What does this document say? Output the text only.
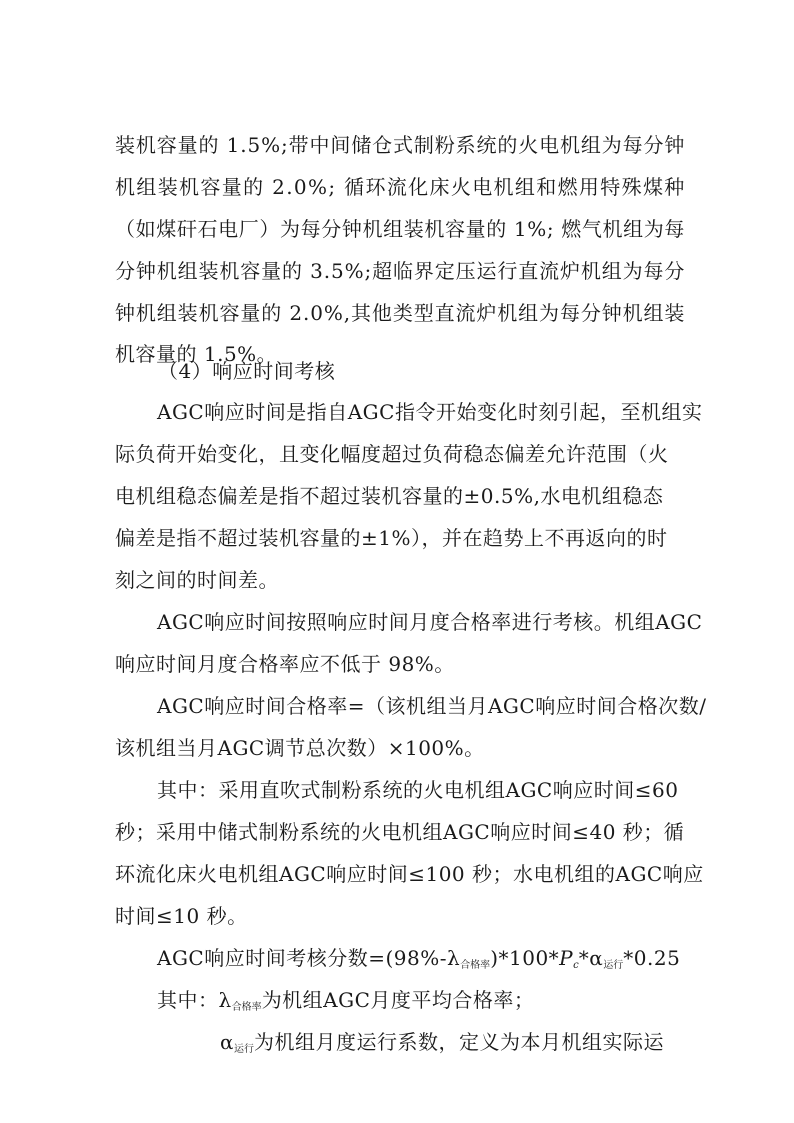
装 机 容 量 的
1 . 5 % ; 带 中 间 储 仓 式 制 粉 系 统 的 火 电 机 组 为 每 分 钟
机 组 装 机 容 量 的
2 . 0 % ;
循 环 流 化 床 火 电 机 组 和 燃 用 特 殊 煤 种
（ 如 煤 矸 石 电 厂 ） 为 每 分 钟 机 组 装 机 容 量 的
1 % ;
燃 气 机 组 为 每
分 钟 机 组 装 机 容 量 的
3 . 5 % ; 超 临 界 定 压 运 行 直 流 炉 机 组 为 每 分
钟 机 组 装 机 容 量 的
2 . 0 % , 其 他 类 型 直 流 炉 机 组 为 每 分 钟 机 组 装
机容量的 1.5%。
（4）响应时间考核
AGC响应时间是指自AGC指令开始变化时刻引起，至机组实
际负荷开始变化，且变化幅度超过负荷稳态偏差允许范围（火
电机组稳态偏差是指不超过装机容量的±0.5%,水电机组稳态
偏差是指不超过装机容量的±1%），并在趋势上不再返向的时
刻之间的时间差。
AGC响应时间按照响应时间月度合格率进行考核。机组AGC
响应时间月度合格率应不低于 98%。
AGC响应时间合格率=（该机组当月AGC响应时间合格次数/
该机组当月AGC调节总次数）×100%。
其中：采用直吹式制粉系统的火电机组AGC响应时间≤60
秒；采用中储式制粉系统的火电机组AGC响应时间≤40 秒；循
环流化床火电机组AGC响应时间≤100 秒；水电机组的AGC响应
时间≤10 秒。
AGC响应时间考核分数$=(98\%-\lambda_{合格率})*100*P_c*\alpha_{运行}*0.25$
其中：$\lambda_{合格率}$为机组AGC月度平均合格率；
$\alpha_{运行}$为机组月度运行系数，定义为本月机组实际运
